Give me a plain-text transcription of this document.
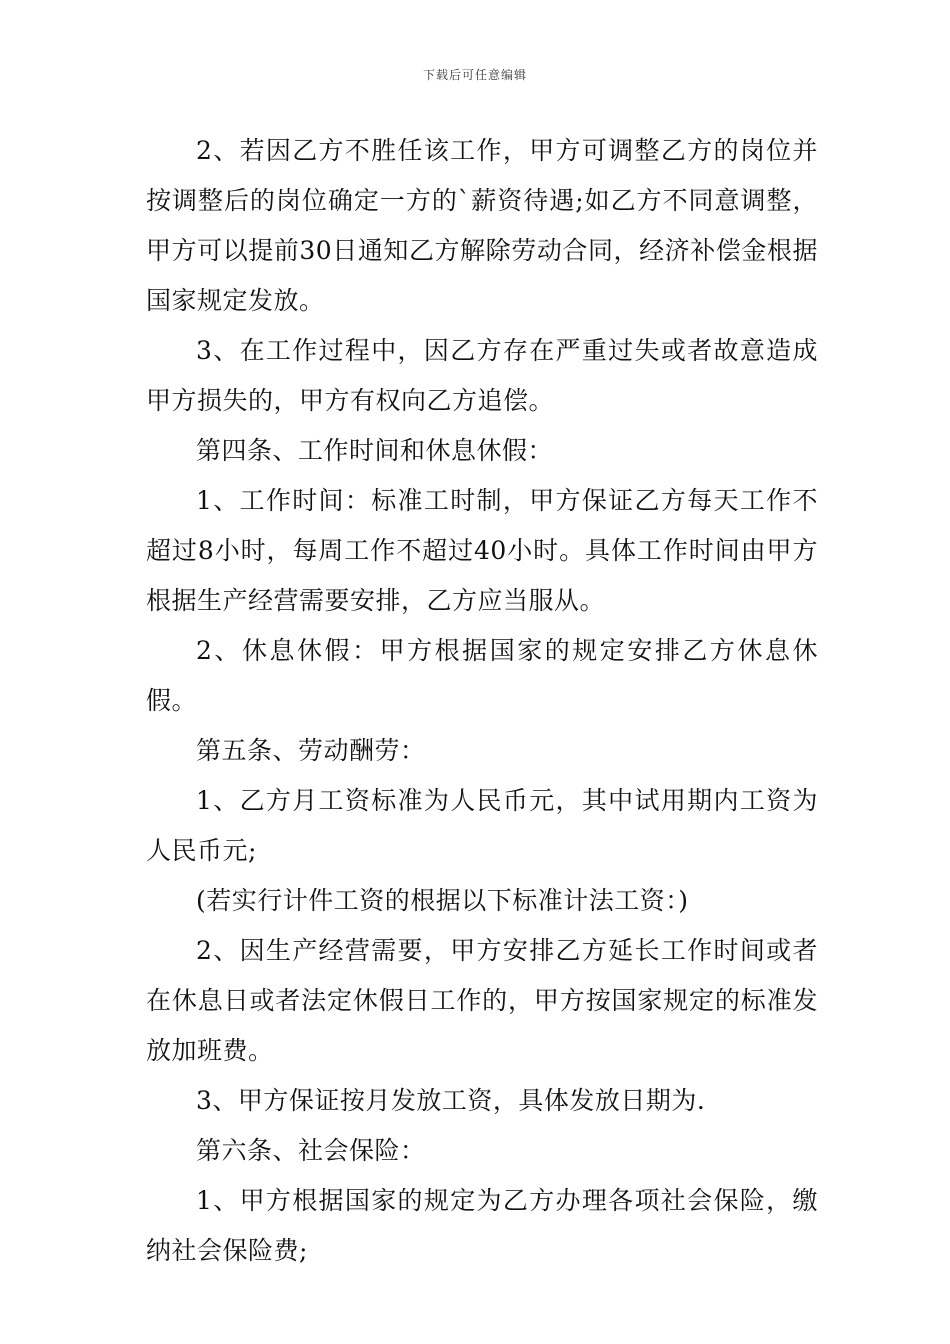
下载后可任意编辑

2、若因乙方不胜任该工作，甲方可调整乙方的岗位并按调整后的岗位确定一方的`薪资待遇;如乙方不同意调整，甲方可以提前30日通知乙方解除劳动合同，经济补偿金根据国家规定发放。

3、在工作过程中，因乙方存在严重过失或者故意造成甲方损失的，甲方有权向乙方追偿。

第四条、工作时间和休息休假：

1、工作时间：标准工时制，甲方保证乙方每天工作不超过8小时，每周工作不超过40小时。具体工作时间由甲方根据生产经营需要安排，乙方应当服从。

2、休息休假：甲方根据国家的规定安排乙方休息休假。

第五条、劳动酬劳：

1、乙方月工资标准为人民币元，其中试用期内工资为人民币元;

(若实行计件工资的根据以下标准计法工资：)

2、因生产经营需要，甲方安排乙方延长工作时间或者在休息日或者法定休假日工作的，甲方按国家规定的标准发放加班费。

3、甲方保证按月发放工资，具体发放日期为.

第六条、社会保险：

1、甲方根据国家的规定为乙方办理各项社会保险，缴纳社会保险费;
